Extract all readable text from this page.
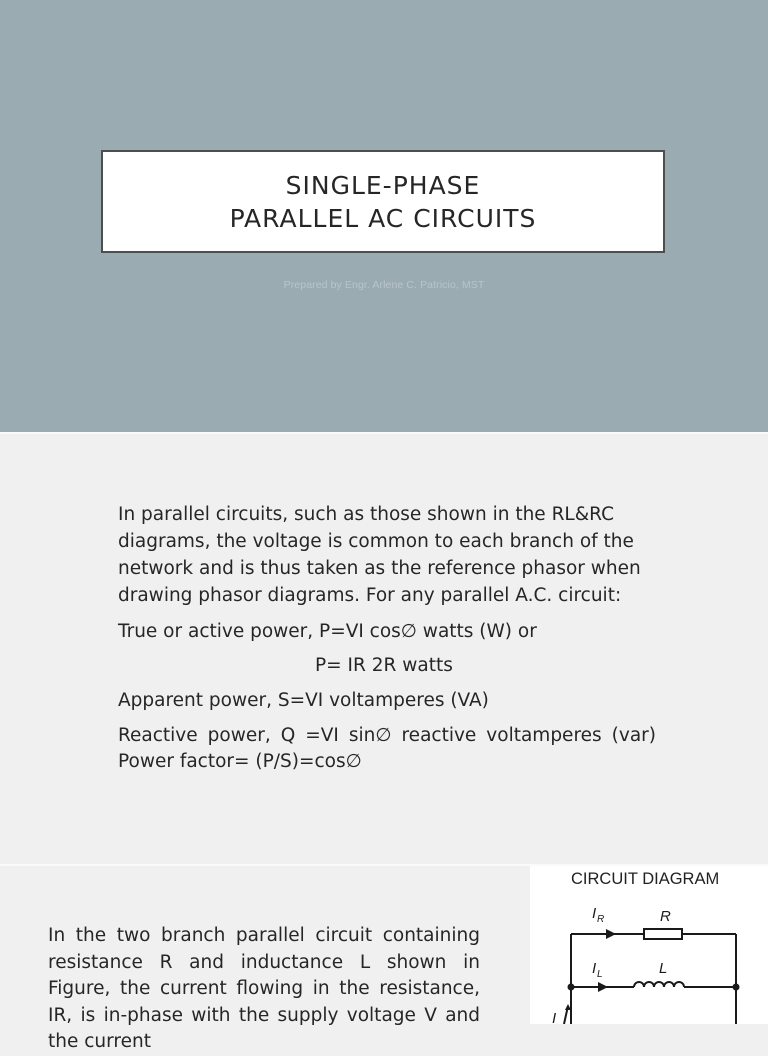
SINGLE-PHASE
PARALLEL AC CIRCUITS
Prepared by Engr. Arlene C. Patricio, MST
In parallel circuits, such as those shown in the RL&RC
diagrams, the voltage is common to each branch of the
network and is thus taken as the reference phasor when
drawing phasor diagrams. For any parallel A.C. circuit:
True or active power, P=VI cos∅ watts (W) or
P= IR 2R watts
Apparent power, S=VI voltamperes (VA)
Reactive power, Q =VI sin∅ reactive voltamperes (var)
Power factor= (P/S)=cos∅
In the two branch parallel circuit containing resistance R and inductance L shown in Figure, the current flowing in the resistance, IR, is in-phase with the supply voltage V and the current
CIRCUIT DIAGRAM
I R	R
I L	L
I
